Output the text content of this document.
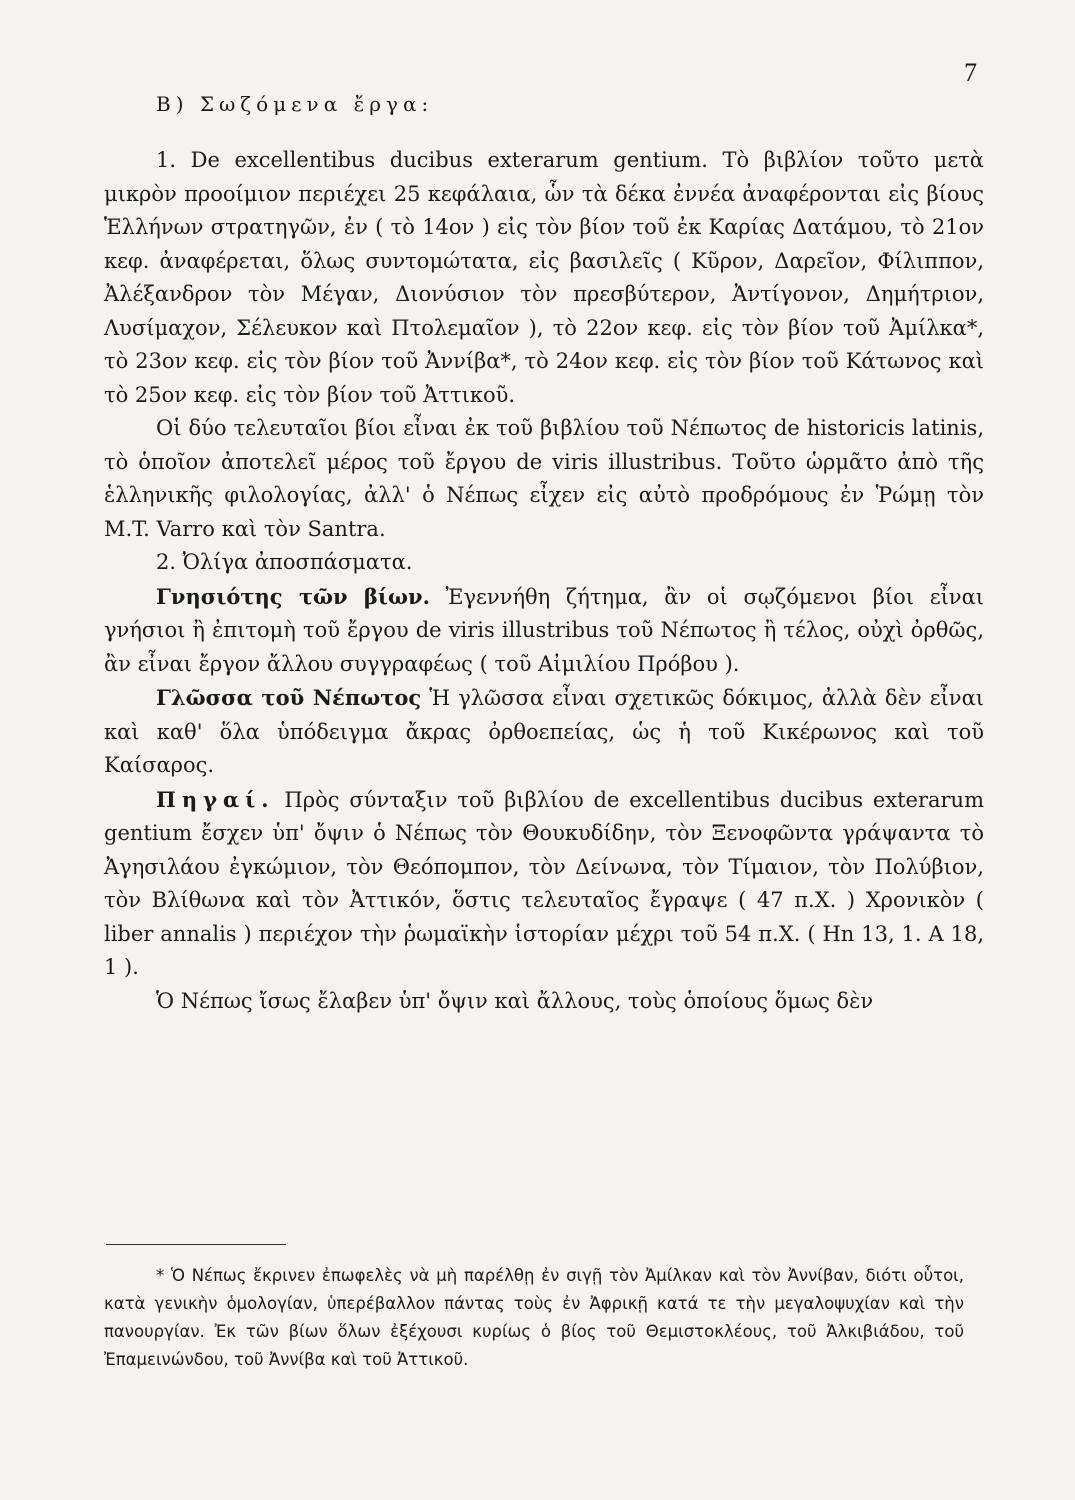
7
B) Σωζόμενα ἔργα:

1. De excellentibus ducibus exterarum gentium. Τὸ βιβλίον τοῦτο μετὰ μικρὸν προοίμιον περιέχει 25 κεφάλαια, ὧν τὰ δέκα ἐννέα ἀναφέρονται εἰς βίους Ἑλλήνων στρατηγῶν, ἐν ( τὸ 14ον ) εἰς τὸν βίον τοῦ ἐκ Καρίας Δατάμου, τὸ 21ον κεφ. ἀναφέρεται, ὅλως συντομώτατα, εἰς βασιλεῖς ( Κῦρον, Δαρεῖον, Φίλιππον, Ἀλέξανδρον τὸν Μέγαν, Διονύσιον τὸν πρεσβύτερον, Ἀντίγονον, Δημήτριον, Λυσίμαχον, Σέλευκον καὶ Πτολεμαῖον ), τὸ 22ον κεφ. εἰς τὸν βίον τοῦ Ἀμίλκα*, τὸ 23ον κεφ. εἰς τὸν βίον τοῦ Ἀννίβα*, τὸ 24ον κεφ. εἰς τὸν βίον τοῦ Κάτωνος καὶ τὸ 25ον κεφ. εἰς τὸν βίον τοῦ Ἀττικοῦ.

Οἱ δύο τελευταῖοι βίοι εἶναι ἐκ τοῦ βιβλίου τοῦ Νέπωτος de historicis latinis, τὸ ὁποῖον ἀποτελεῖ μέρος τοῦ ἔργου de viris illustribus. Τοῦτο ὡρμᾶτο ἀπὸ τῆς ἑλληνικῆς φιλολογίας, ἀλλ' ὁ Νέπως εἶχεν εἰς αὐτὸ προδρόμους ἐν Ῥώμῃ τὸν M.T. Varro καὶ τὸν Santra.

2. Ὀλίγα ἀποσπάσματα.

Γνησιότης τῶν βίων. Ἐγεννήθη ζήτημα, ἂν οἱ σῳζόμενοι βίοι εἶναι γνήσιοι ἢ ἐπιτομὴ τοῦ ἔργου de viris illustribus τοῦ Νέπωτος ἢ τέλος, οὐχὶ ὀρθῶς, ἂν εἶναι ἔργον ἄλλου συγγραφέως ( τοῦ Αἰμιλίου Πρόβου ).

Γλῶσσα τοῦ Νέπωτος Ἡ γλῶσσα εἶναι σχετικῶς δόκιμος, ἀλλὰ δὲν εἶναι καὶ καθ' ὅλα ὑπόδειγμα ἄκρας ὀρθοεπείας, ὡς ἡ τοῦ Κικέρωνος καὶ τοῦ Καίσαρος.

Πηγαί. Πρὸς σύνταξιν τοῦ βιβλίου de excellentibus ducibus exterarum gentium ἔσχεν ὑπ' ὄψιν ὁ Νέπως τὸν Θουκυδίδην, τὸν Ξενοφῶντα γράψαντα τὸ Ἀγησιλάου ἐγκώμιον, τὸν Θεόπομπον, τὸν Δείνωνα, τὸν Τίμαιον, τὸν Πολύβιον, τὸν Βλίθωνα καὶ τὸν Ἀττικόν, ὅστις τελευταῖος ἔγραψε ( 47 π.Χ. ) Χρονικὸν ( liber annalis ) περιέχον τὴν ῥωμαϊκὴν ἱστορίαν μέχρι τοῦ 54 π.Χ. ( Hn 13, 1. A 18, 1 ).

Ὁ Νέπως ἴσως ἔλαβεν ὑπ' ὄψιν καὶ ἄλλους, τοὺς ὁποίους ὅμως δὲν

* Ὁ Νέπως ἔκρινεν ἐπωφελὲς νὰ μὴ παρέλθῃ ἐν σιγῇ τὸν Ἀμίλκαν καὶ τὸν Ἀννίβαν, διότι οὗτοι, κατὰ γενικὴν ὁμολογίαν, ὑπερέβαλλον πάντας τοὺς ἐν Ἀφρικῇ κατά τε τὴν μεγαλοψυχίαν καὶ τὴν πανουργίαν. Ἐκ τῶν βίων ὅλων ἐξέχουσι κυρίως ὁ βίος τοῦ Θεμιστοκλέους, τοῦ Ἀλκιβιάδου, τοῦ Ἐπαμεινώνδου, τοῦ Ἀννίβα καὶ τοῦ Ἀττικοῦ.
